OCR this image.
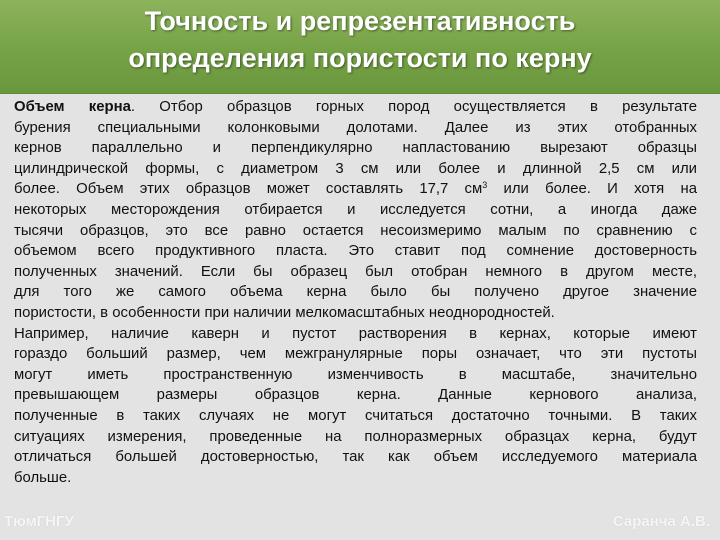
Точность и репрезентативность
определения пористости по керну
Объем керна. Отбор образцов горных пород осуществляется в результате
бурения специальными колонковыми долотами. Далее из этих отобранных
кернов параллельно и перпендикулярно напластованию вырезают образцы
цилиндрической формы, с диаметром 3 см или более и длинной 2,5 см или
более. Объем этих образцов может составлять 17,7 $см^3$ или более. И хотя на
некоторых месторождения отбирается и исследуется сотни, а иногда даже
тысячи образцов, это все равно остается несоизмеримо малым по сравнению с
объемом всего продуктивного пласта. Это ставит под сомнение достоверность
полученных значений. Если бы образец был отобран немного в другом месте,
для того же самого объема керна было бы получено другое значение
пористости, в особенности при наличии мелкомасштабных неоднородностей.
Например, наличие каверн и пустот растворения в кернах, которые имеют
гораздо больший размер, чем межгранулярные поры означает, что эти пустоты
могут иметь пространственную изменчивость в масштабе, значительно
превышающем размеры образцов керна. Данные кернового анализа,
полученные в таких случаях не могут считаться достаточно точными. В таких
ситуациях измерения, проведенные на полноразмерных образцах керна, будут
отличаться большей достоверностью, так как объем исследуемого материала
больше.
ТюмГНГУ	Саранча А.В.
